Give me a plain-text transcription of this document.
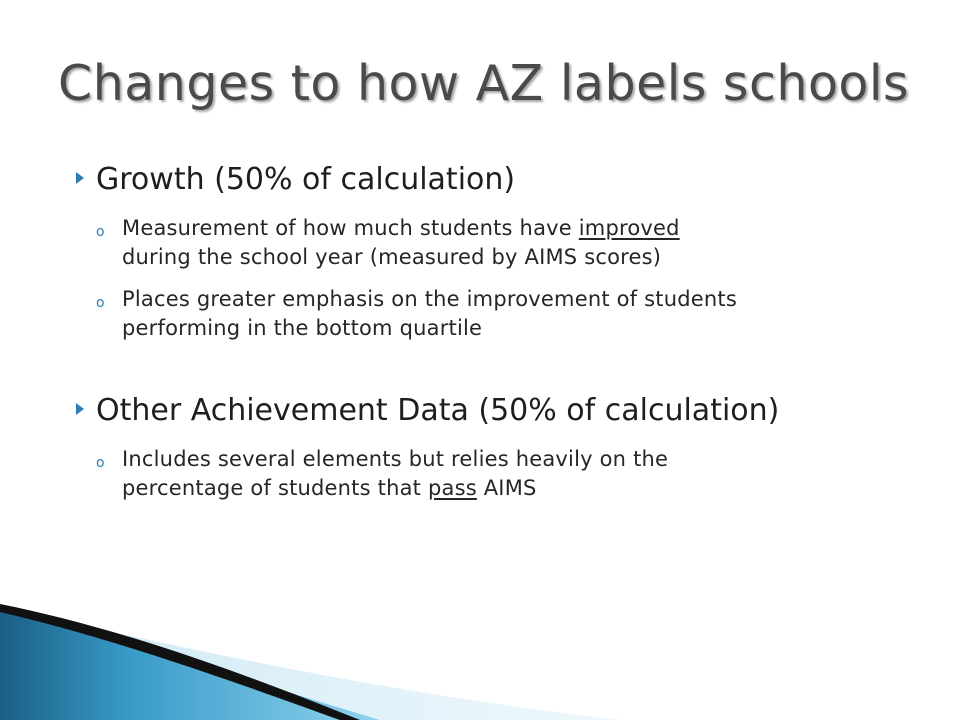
Changes to how AZ labels schools
Growth (50% of calculation)
o Measurement of how much students have improved
during the school year (measured by AIMS scores)
o Places greater emphasis on the improvement of students
performing in the bottom quartile
Other Achievement Data (50% of calculation)
o Includes several elements but relies heavily on the
percentage of students that pass AIMS
